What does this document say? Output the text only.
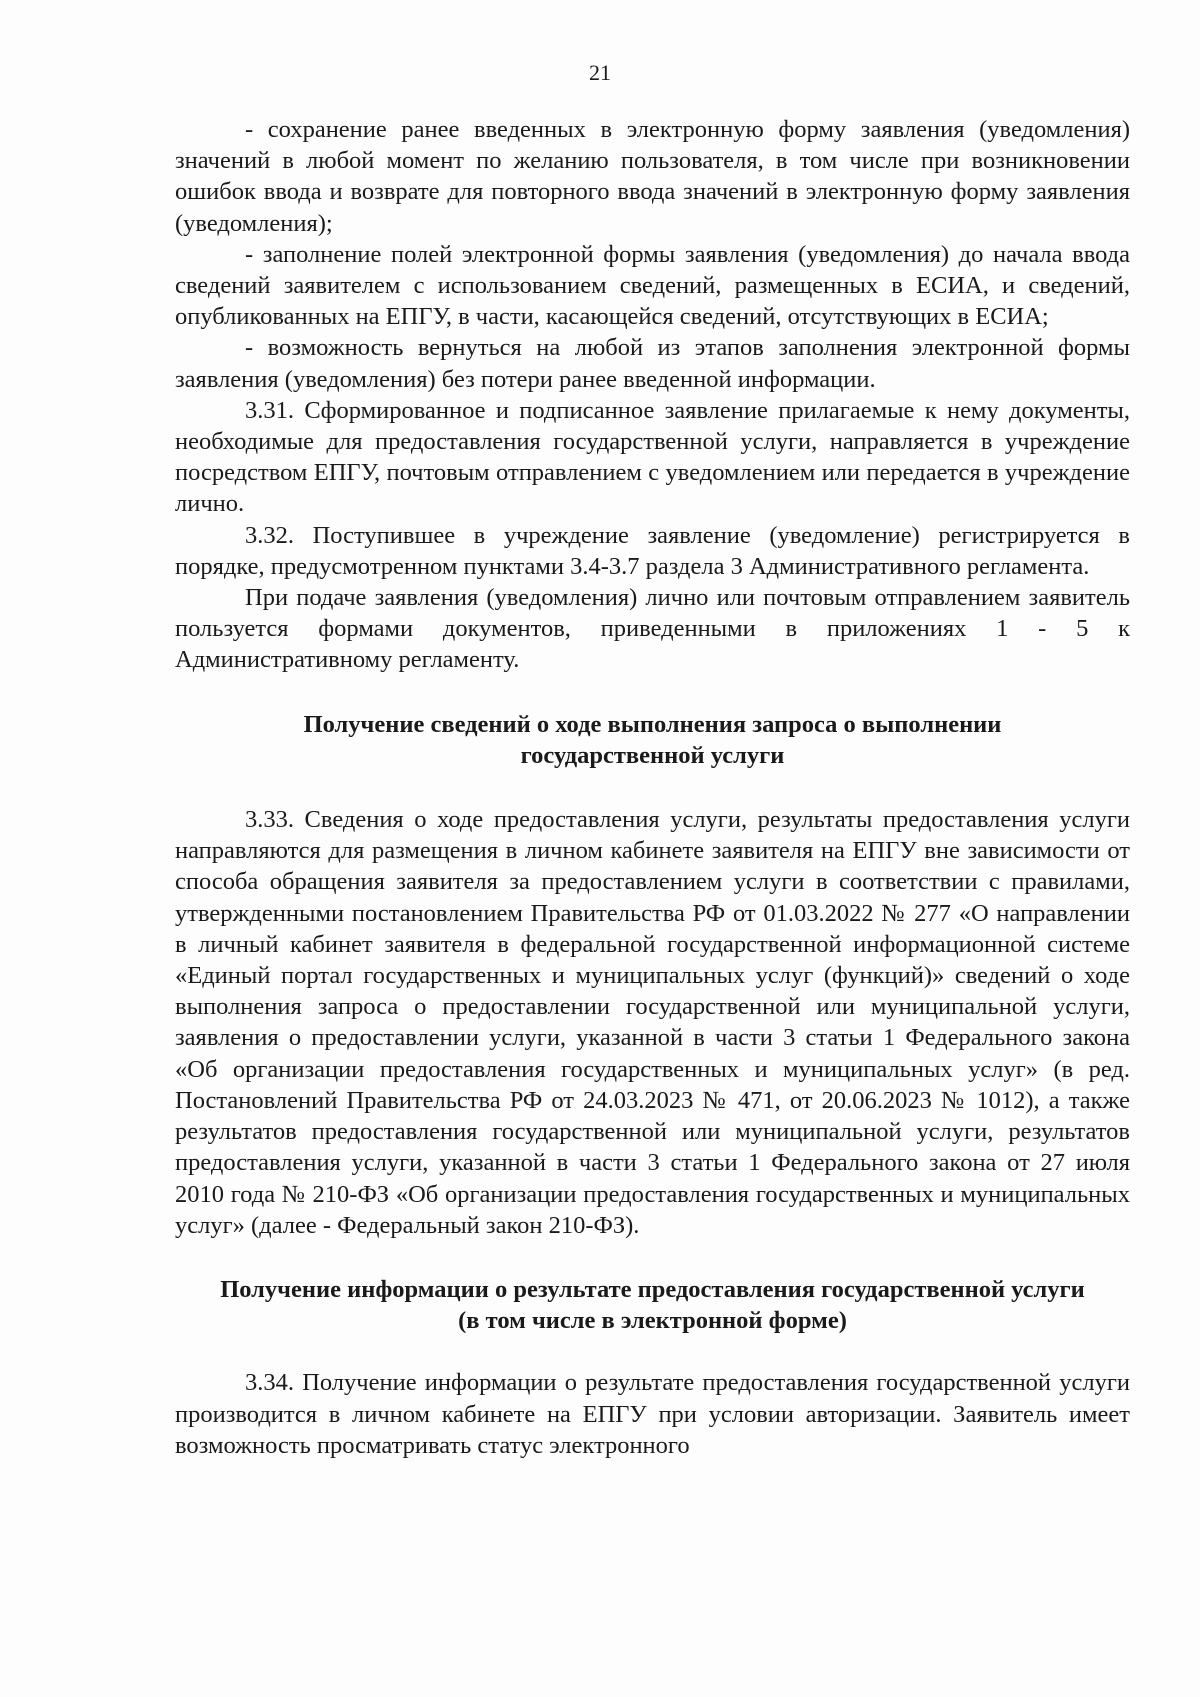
21

- сохранение ранее введенных в электронную форму заявления (уведомления) значений в любой момент по желанию пользователя, в том числе при возникновении ошибок ввода и возврате для повторного ввода значений в электронную форму заявления (уведомления);

- заполнение полей электронной формы заявления (уведомления) до начала ввода сведений заявителем с использованием сведений, размещенных в ЕСИА, и сведений, опубликованных на ЕПГУ, в части, касающейся сведений, отсутствующих в ЕСИА;

- возможность вернуться на любой из этапов заполнения электронной формы заявления (уведомления) без потери ранее введенной информации.

3.31. Сформированное и подписанное заявление прилагаемые к нему документы, необходимые для предоставления государственной услуги, направляется в учреждение посредством ЕПГУ, почтовым отправлением с уведомлением или передается в учреждение лично.

3.32. Поступившее в учреждение заявление (уведомление) регистрируется в порядке, предусмотренном пунктами 3.4-3.7 раздела 3 Административного регламента.

При подаче заявления (уведомления) лично или почтовым отправлением заявитель пользуется формами документов, приведенными в приложениях 1 - 5 к Административному регламенту.

Получение сведений о ходе выполнения запроса о выполнении государственной услуги

3.33. Сведения о ходе предоставления услуги, результаты предоставления услуги направляются для размещения в личном кабинете заявителя на ЕПГУ вне зависимости от способа обращения заявителя за предоставлением услуги в соответствии с правилами, утвержденными постановлением Правительства РФ от 01.03.2022 № 277 «О направлении в личный кабинет заявителя в федеральной государственной информационной системе «Единый портал государственных и муниципальных услуг (функций)» сведений о ходе выполнения запроса о предоставлении государственной или муниципальной услуги, заявления о предоставлении услуги, указанной в части 3 статьи 1 Федерального закона «Об организации предоставления государственных и муниципальных услуг» (в ред. Постановлений Правительства РФ от 24.03.2023 № 471, от 20.06.2023 № 1012), а также результатов предоставления государственной или муниципальной услуги, результатов предоставления услуги, указанной в части 3 статьи 1 Федерального закона от 27 июля 2010 года № 210-ФЗ «Об организации предоставления государственных и муниципальных услуг» (далее - Федеральный закон 210-ФЗ).

Получение информации о результате предоставления государственной услуги (в том числе в электронной форме)

3.34. Получение информации о результате предоставления государственной услуги производится в личном кабинете на ЕПГУ при условии авторизации. Заявитель имеет возможность просматривать статус электронного
